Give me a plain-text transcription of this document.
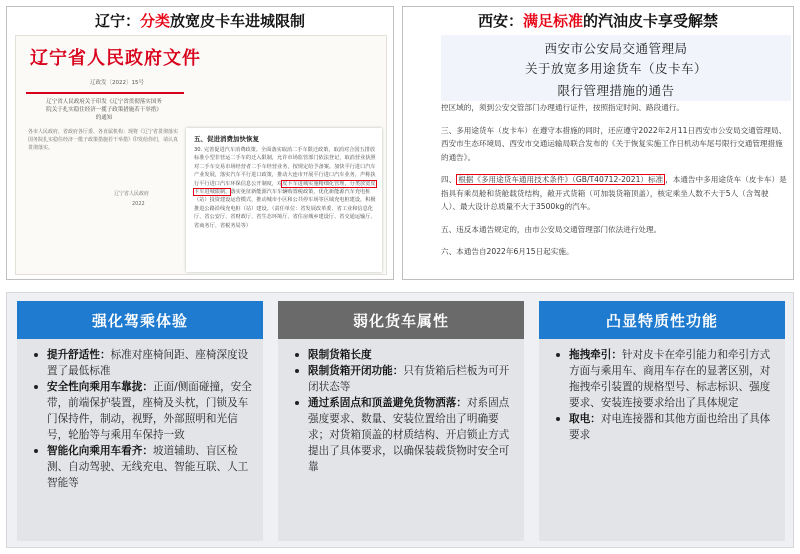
辽宁：分类放宽皮卡车进城限制
辽宁省人民政府文件
辽政发〔2022〕15号
辽宁省人民政府关于印发《辽宁省贯彻落实国务院关于扎实稳住经济一揽子政策措施若干举措》的通知
各市人民政府，省政府各厅委、各直属机构：现将《辽宁省贯彻落实国务院扎实稳住经济一揽子政策措施若干举措》印发给你们，请认真贯彻落实。
辽宁省人民政府
2022
五、促进消费加快恢复
30. 完善促进汽车消费政策。全面落实取消二手车限迁政策，取消对合国五排放标准小型非营运二手车的迁入限制，允许市场监管部门依法登记，取消营业执照对二手车交易市场经营者二手车经营业务，按规定给予备案。加快平行进口汽车产业发展，落实汽车平行进口政策，推动大连市开展平行进口汽车业务，声称执行平行进口汽车环保信息公开制度，对皮卡车进城实施精细化管理，分类放宽皮卡车进城限制，落实免征新能源汽车车辆购置税政策，优化新能源汽车充电桩（站）投资建设运营模式，推动城市小区和公共停车场等区域充电桩建设，积极推进公路沿线充电桩（站）建设。（责任单位：省发展改革委、省工业和信息化厅、省公安厅、省财政厅、省生态环境厅、省住房城乡建设厅、省交通运输厅、省商务厅、省税务局等）
西安：满足标准的汽油皮卡享受解禁
西安市公安局交通管理局
关于放宽多用途货车（皮卡车）
限行管理措施的通告

控区域的，须到公安交管部门办理通行证件，按照指定时间、路段通行。

三、多用途货车（皮卡车）在遵守本措施的同时，还应遵守2022年2月11日西安市公安局交通管理局、西安市生态环境局、西安市交通运输局联合发布的《关于恢复实施工作日机动车尾号限行交通管理措施的通告》。

四、 根据《多用途货车通用技术条件》（GB/T40712-2021）标准 ，本通告中多用途货车（皮卡车）是指具有乘员舱和货舱载货结构，敞开式货箱（可加装货箱顶盖），核定乘坐人数不大于5人（含驾驶人）、最大设计总质量不大于3500kg的汽车。

五、违反本通告规定的，由市公安局交通管理部门依法进行处理。

六、本通告自2022年6月15日起实施。

强化驾乘体验
提升舒适性：标准对座椅间距、座椅深度设置了最低标准
安全性向乘用车靠拢：正面/侧面碰撞，安全带，前端保护装置，座椅及头枕，门锁及车门保持件，制动，视野，外部照明和光信号，轮胎等与乘用车保持一致
智能化向乘用车看齐：坡道辅助、盲区检测、自动驾驶、无线充电、智能互联、人工智能等
弱化货车属性
限制货箱长度
限制货箱开闭功能：只有货箱后栏板为可开闭状态等
通过系固点和顶盖避免货物洒落：对系固点强度要求、数量、安装位置给出了明确要求；对货箱顶盖的材质结构、开启锁止方式提出了具体要求，以确保装载货物时安全可靠
凸显特质性功能
拖拽牵引：针对皮卡在牵引能力和牵引方式方面与乘用车、商用车存在的显著区别，对拖拽牵引装置的规格型号、标志标识、强度要求、安装连接要求给出了具体规定
取电：对电连接器和其他方面也给出了具体要求
